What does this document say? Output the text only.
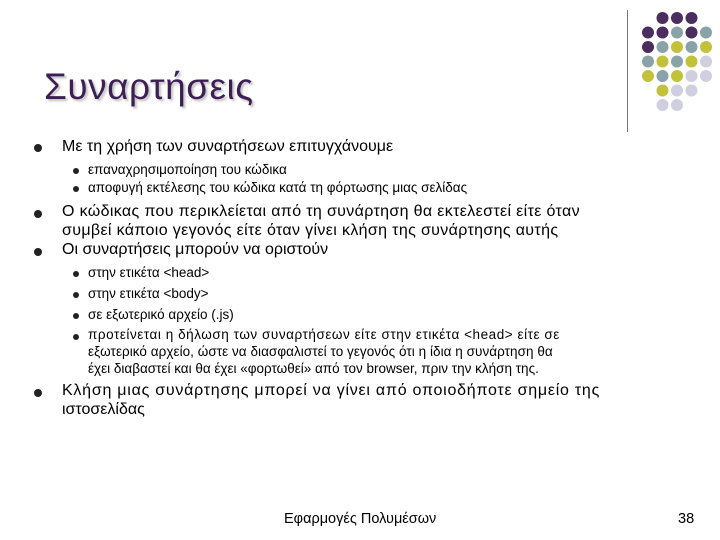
Συναρτήσεις
Με τη χρήση των συναρτήσεων επιτυγχάνουμε
επαναχρησιμοποίηση του κώδικα
αποφυγή εκτέλεσης του κώδικα κατά τη φόρτωσης μιας σελίδας
Ο κώδικας που περικλείεται από τη συνάρτηση θα εκτελεστεί είτε όταν
συμβεί κάποιο γεγονός είτε όταν γίνει κλήση της συνάρτησης αυτής
Οι συναρτήσεις μπορούν να οριστούν
στην ετικέτα <head>
στην ετικέτα <body>
σε εξωτερικό αρχείο (.js)
προτείνεται η δήλωση των συναρτήσεων είτε στην ετικέτα <head> είτε σε
εξωτερικό αρχείο, ώστε να διασφαλιστεί το γεγονός ότι η ίδια η συνάρτηση θα
έχει διαβαστεί και θα έχει «φορτωθεί» από τον browser, πριν την κλήση της.
Κλήση μιας συνάρτησης μπορεί να γίνει από οποιοδήποτε σημείο της
ιστοσελίδας
Εφαρμογές Πολυμέσων	38
